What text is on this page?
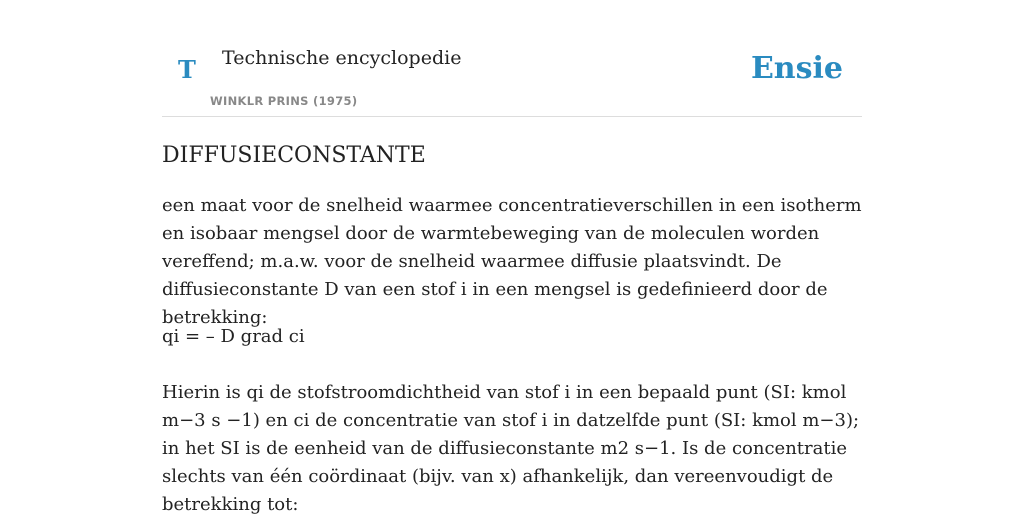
T Technische encyclopedie
WINKLR PRINS (1975)
Ensie
DIFFUSIECONSTANTE

een maat voor de snelheid waarmee concentratieverschillen in een isotherm en isobaar mengsel door de warmtebeweging van de moleculen worden vereffend; m.a.w. voor de snelheid waarmee diffusie plaatsvindt. De diffusieconstante D van een stof i in een mengsel is gedefinieerd door de betrekking:

qi = – D grad ci

Hierin is qi de stofstroomdichtheid van stof i in een bepaald punt (SI: kmol m−3 s −1) en ci de concentratie van stof i in datzelfde punt (SI: kmol m−3); in het SI is de eenheid van de diffusieconstante m2 s−1. Is de concentratie slechts van één coördinaat (bijv. van x) afhankelijk, dan vereenvoudigt de betrekking tot:
